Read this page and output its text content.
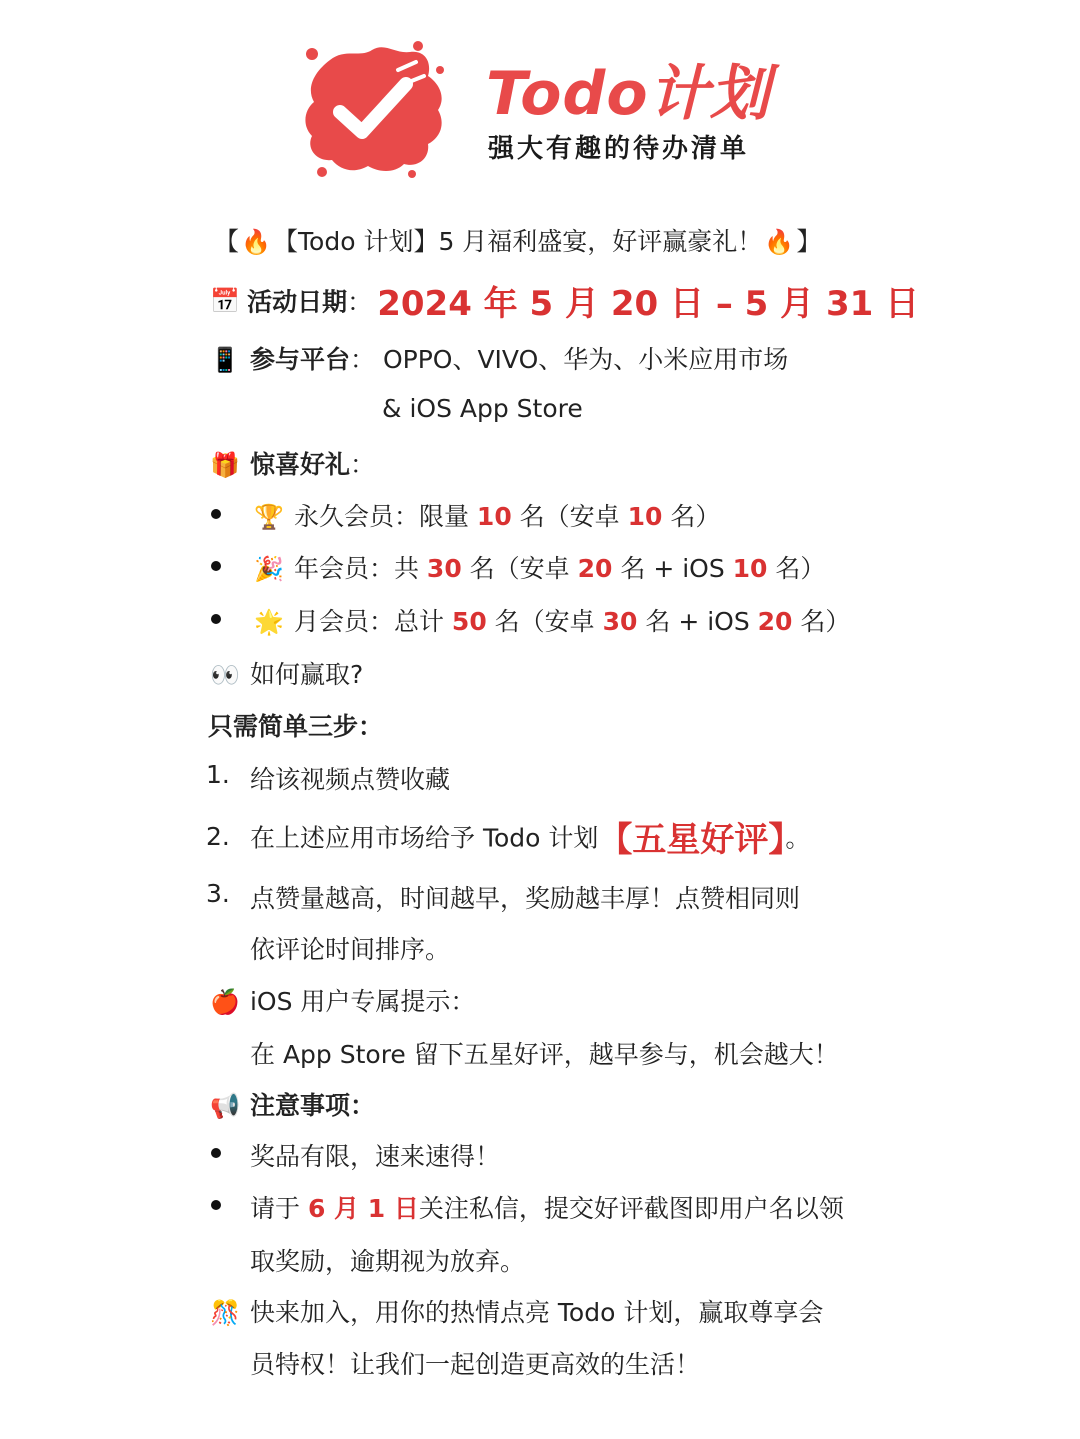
Todo计划
强大有趣的待办清单
【🔥【Todo 计划】5 月福利盛宴，好评赢豪礼！🔥】
📅 活动日期： 2024 年 5 月 20 日 – 5 月 31 日
📱 参与平台： OPPO、VIVO、华为、小米应用市场
& iOS App Store
🎁 惊喜好礼：
🏆 永久会员：限量 10 名（安卓 10 名）
🎉 年会员：共 30 名（安卓 20 名 + iOS 10 名）
🌟 月会员：总计 50 名（安卓 30 名 + iOS 20 名）
👀 如何赢取?
只需简单三步：
1. 给该视频点赞收藏
2. 在上述应用市场给予 Todo 计划【五星好评】。
3. 点赞量越高，时间越早，奖励越丰厚！点赞相同则
依评论时间排序。
🍎 iOS 用户专属提示：
在 App Store 留下五星好评，越早参与，机会越大！
📢 注意事项：
奖品有限，速来速得！
请于 6 月 1 日关注私信，提交好评截图即用户名以领
取奖励，逾期视为放弃。
🎊 快来加入，用你的热情点亮 Todo 计划，赢取尊享会
员特权！让我们一起创造更高效的生活！
